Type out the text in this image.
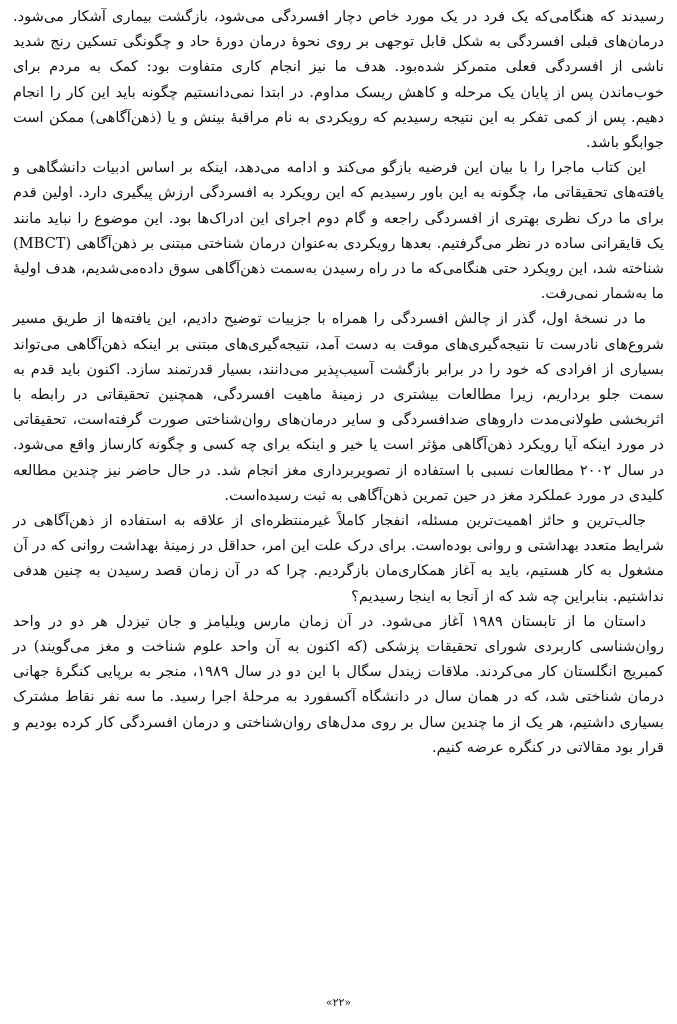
رسیدند که هنگامی‌که یک فرد در یک مورد خاص دچار افسردگی می‌شود، بازگشت بیماری آشکار می‌شود. درمان‌های قبلی افسردگی به شکل قابل توجهی بر روی نحوهٔ درمان دورهٔ حاد و چگونگی تسکین رنج شدید ناشی از افسردگی فعلی متمرکز شده‌بود. هدف ما نیز انجام کاری متفاوت بود: کمک به مردم برای خوب‌ماندن پس از پایان یک مرحله و کاهش ریسک مداوم. در ابتدا نمی‌دانستیم چگونه باید این کار را انجام دهیم. پس از کمی تفکر به این نتیجه رسیدیم که رویکردی به نام مراقبهٔ بینش و یا (ذهن‌آگاهی) ممکن است جوابگو باشد.

این کتاب ماجرا را با بیان این فرضیه بازگو می‌کند و ادامه می‌دهد، اینکه بر اساس ادبیات دانشگاهی و یافته‌های تحقیقاتی ما، چگونه به این باور رسیدیم که این رویکرد به افسردگی ارزش پیگیری دارد. اولین قدم برای ما درک نظری بهتری از افسردگی راجعه و گام دوم اجرای این ادراک‌ها بود. این موضوع را نباید مانند یک قایقرانی ساده در نظر می‌گرفتیم. بعدها رویکردی به‌عنوان درمان شناختی مبتنی بر ذهن‌آگاهی (MBCT) شناخته شد، این رویکرد حتی هنگامی‌که ما در راه رسیدن به‌سمت ذهن‌آگاهی سوق داده‌می‌شدیم، هدف اولیهٔ ما به‌شمار نمی‌رفت.

ما در نسخهٔ اول، گذر از چالش افسردگی را همراه با جزییات توضیح دادیم، این یافته‌ها از طریق مسیر شروع‌های نادرست تا نتیجه‌گیری‌های موقت به دست آمد، نتیجه‌گیری‌های مبتنی بر اینکه ذهن‌آگاهی می‌تواند بسیاری از افرادی که خود را در برابر بازگشت آسیب‌پذیر می‌دانند، بسیار قدرتمند سازد. اکنون باید قدم به سمت جلو برداریم، زیرا مطالعات بیشتری در زمینهٔ ماهیت افسردگی، همچنین تحقیقاتی در رابطه با اثربخشی طولانی‌مدت داروهای ضدافسردگی و سایر درمان‌های روان‌شناختی صورت گرفته‌است، تحقیقاتی در مورد اینکه آیا رویکرد ذهن‌آگاهی مؤثر است یا خیر و اینکه برای چه کسی و چگونه کارساز واقع می‌شود. در سال ۲۰۰۲ مطالعات نسبی با استفاده از تصویربرداری مغز انجام شد. در حال حاضر نیز چندین مطالعه کلیدی در مورد عملکرد مغز در حین تمرین ذهن‌آگاهی به ثبت رسیده‌است.

جالب‌ترین و حائز اهمیت‌ترین مسئله، انفجار کاملاً غیرمنتظره‌ای از علاقه به استفاده از ذهن‌آگاهی در شرایط متعدد بهداشتی و روانی بوده‌است. برای درک علت این امر، حداقل در زمینهٔ بهداشت روانی که در آن مشغول به کار هستیم، باید به آغاز همکاری‌مان بازگردیم. چرا که در آن زمان قصد رسیدن به چنین هدفی نداشتیم. بنابراین چه شد که از آنجا به اینجا رسیدیم؟

داستان ما از تابستان ۱۹۸۹ آغاز می‌شود. در آن زمان مارس ویلیامز و جان تیزدل هر دو در واحد روان‌شناسی کاربردی شورای تحقیقات پزشکی (که اکنون به آن واحد علوم شناخت و مغز می‌گویند) در کمبریج انگلستان کار می‌کردند. ملاقات زیندل سگال با این دو در سال ۱۹۸۹، منجر به برپایی کنگرهٔ جهانی درمان شناختی شد، که در همان سال در دانشگاه آکسفورد به مرحلهٔ اجرا رسید. ما سه نفر نقاط مشترک بسیاری داشتیم، هر یک از ما چندین سال بر روی مدل‌های روان‌شناختی و درمان افسردگی کار کرده بودیم و قرار بود مقالاتی در کنگره عرضه کنیم.

«۲۲»
